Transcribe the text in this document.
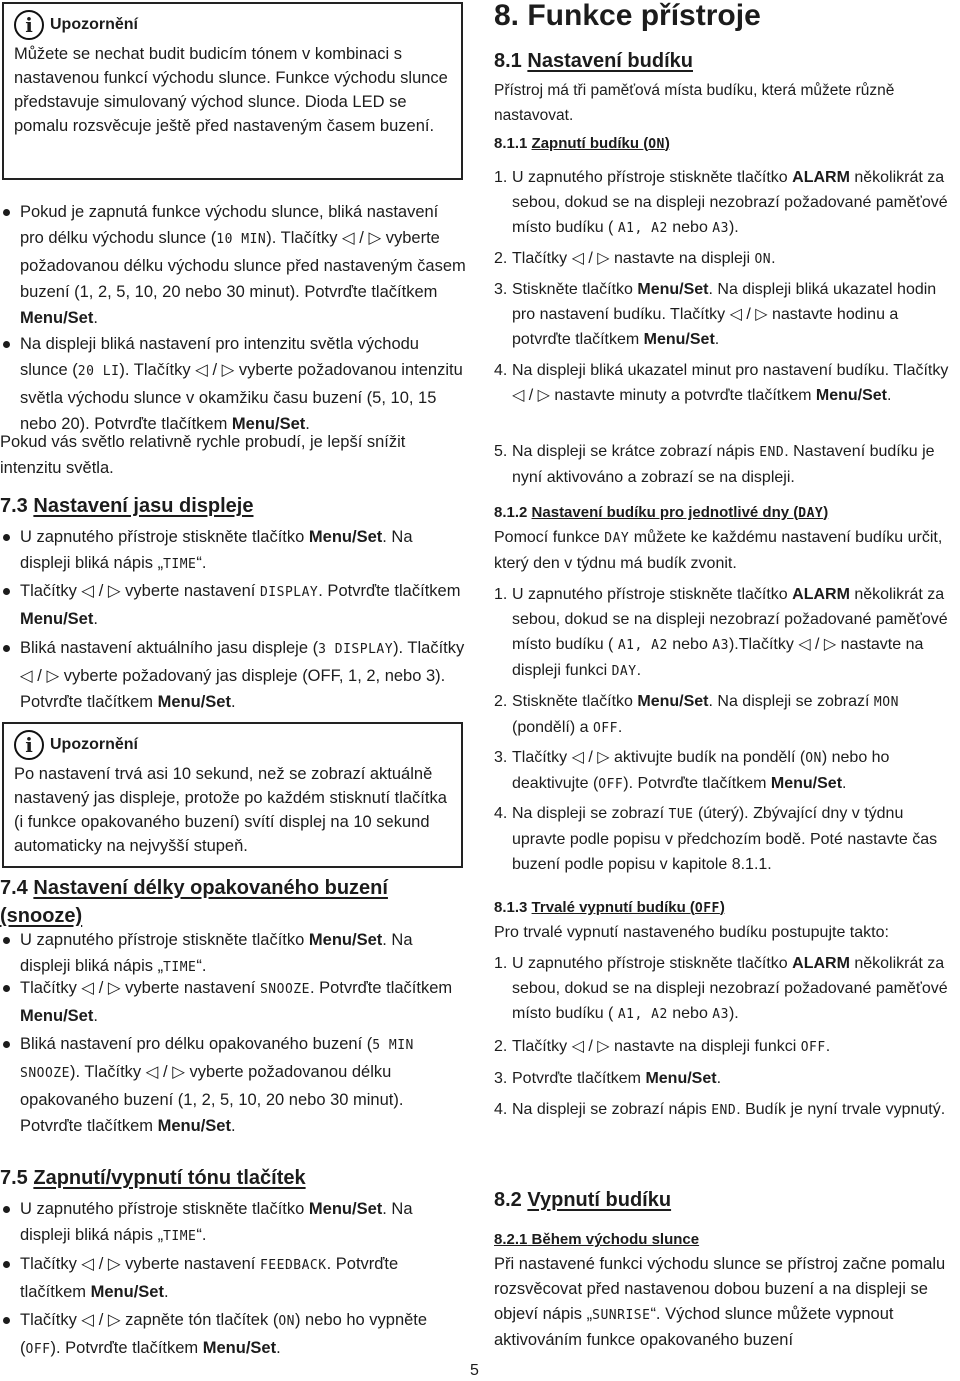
i	Upozornění

Můžete se nechat budit budicím tónem v kombinaci s nastavenou funkcí východu slunce. Funkce východu slunce představuje simulovaný východ slunce. Dioda LED se pomalu rozsvěcuje ještě před nastaveným časem buzení.

Pokud je zapnutá funkce východu slunce, bliká nastavení pro délku východu slunce (10 MIN). Tlačítky ◁ / ▷ vyberte požadovanou délku východu slunce před nastaveným časem buzení (1, 2, 5, 10, 20 nebo 30 minut). Potvrďte tlačítkem Menu/Set.
Na displeji bliká nastavení pro intenzitu světla východu slunce (20 LI). Tlačítky ◁ / ▷ vyberte požadovanou intenzitu světla východu slunce v okamžiku času buzení (5, 10, 15 nebo 20). Potvrďte tlačítkem Menu/Set.

Pokud vás světlo relativně rychle probudí, je lepší snížit intenzitu světla.

7.3 Nastavení jasu displeje
U zapnutého přístroje stiskněte tlačítko Menu/Set. Na displeji bliká nápis „TIME“.
Tlačítky ◁ / ▷ vyberte nastavení DISPLAY. Potvrďte tlačítkem Menu/Set.
Bliká nastavení aktuálního jasu displeje (3 DISPLAY). Tlačítky ◁ / ▷ vyberte požadovaný jas displeje (OFF, 1, 2, nebo 3). Potvrďte tlačítkem Menu/Set.
i	Upozornění

Po nastavení trvá asi 10 sekund, než se zobrazí aktuálně nastavený jas displeje, protože po každém stisknutí tlačítka (i funkce opakovaného buzení) svítí displej na 10 sekund automaticky na nejvyšší stupeň.

7.4 Nastavení délky opakovaného buzení (snooze)
U zapnutého přístroje stiskněte tlačítko Menu/Set. Na displeji bliká nápis „TIME“.
Tlačítky ◁ / ▷ vyberte nastavení SNOOZE. Potvrďte tlačítkem Menu/Set.
Bliká nastavení pro délku opakovaného buzení (5 MIN SNOOZE). Tlačítky ◁ / ▷ vyberte požadovanou délku opakovaného buzení (1, 2, 5, 10, 20 nebo 30 minut). Potvrďte tlačítkem Menu/Set.
7.5 Zapnutí/vypnutí tónu tlačítek
U zapnutého přístroje stiskněte tlačítko Menu/Set. Na displeji bliká nápis „TIME“.
Tlačítky ◁ / ▷ vyberte nastavení FEEDBACK. Potvrďte tlačítkem Menu/Set.
Tlačítky ◁ / ▷ zapněte tón tlačítek (ON) nebo ho vypněte (OFF). Potvrďte tlačítkem Menu/Set.
8. Funkce přístroje
8.1 Nastavení budíku

Přístroj má tři paměťová místa budíku, která můžete různě nastavovat.

8.1.1 Zapnutí budíku (ON)
1. U zapnutého přístroje stiskněte tlačítko ALARM několikrát za sebou, dokud se na displeji nezobrazí požadované paměťové místo budíku ( A1, A2 nebo A3).
2. Tlačítky ◁ / ▷ nastavte na displeji ON.
3. Stiskněte tlačítko Menu/Set. Na displeji bliká ukazatel hodin pro nastavení budíku. Tlačítky ◁ / ▷ nastavte hodinu a potvrďte tlačítkem Menu/Set.
4. Na displeji bliká ukazatel minut pro nastavení budíku. Tlačítky ◁ / ▷ nastavte minuty a potvrďte tlačítkem Menu/Set.
5. Na displeji se krátce zobrazí nápis END. Nastavení budíku je nyní aktivováno a zobrazí se na displeji.
8.1.2 Nastavení budíku pro jednotlivé dny (DAY)

Pomocí funkce DAY můžete ke každému nastavení budíku určit, který den v týdnu má budík zvonit.

1. U zapnutého přístroje stiskněte tlačítko ALARM několikrát za sebou, dokud se na displeji nezobrazí požadované paměťové místo budíku ( A1, A2 nebo A3).Tlačítky ◁ / ▷ nastavte na displeji funkci DAY.
2. Stiskněte tlačítko Menu/Set. Na displeji se zobrazí MON (pondělí) a OFF.
3. Tlačítky ◁ / ▷ aktivujte budík na pondělí (ON) nebo ho deaktivujte (OFF). Potvrďte tlačítkem Menu/Set.
4. Na displeji se zobrazí TUE (úterý). Zbývající dny v týdnu upravte podle popisu v předchozím bodě. Poté nastavte čas buzení podle popisu v kapitole 8.1.1.
8.1.3 Trvalé vypnutí budíku (OFF)

Pro trvalé vypnutí nastaveného budíku postupujte takto:

1. U zapnutého přístroje stiskněte tlačítko ALARM několikrát za sebou, dokud se na displeji nezobrazí požadované paměťové místo budíku ( A1, A2 nebo A3).
2. Tlačítky ◁ / ▷ nastavte na displeji funkci OFF.
3. Potvrďte tlačítkem Menu/Set.
4. Na displeji se zobrazí nápis END. Budík je nyní trvale vypnutý.
8.2 Vypnutí budíku
8.2.1 Během východu slunce

Při nastavené funkci východu slunce se přístroj začne pomalu rozsvěcovat před nastavenou dobou buzení a na displeji se objeví nápis „SUNRISE“. Východ slunce můžete vypnout aktivováním funkce opakovaného buzení

5
